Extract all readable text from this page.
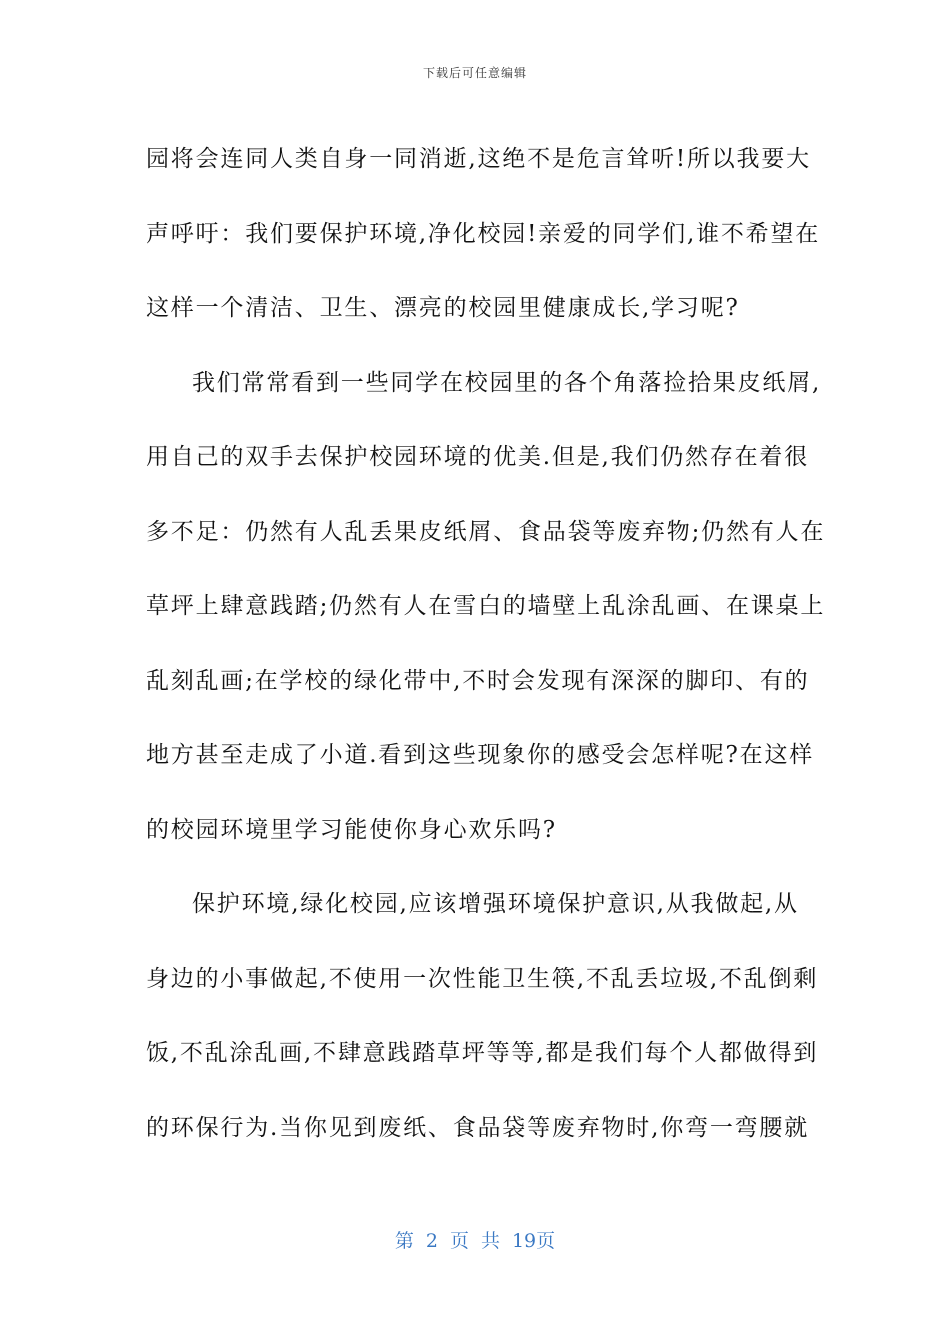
下载后可任意编辑
园将会连同人类自身一同消逝,这绝不是危言耸听!所以我要大
声呼吁：我们要保护环境,净化校园!亲爱的同学们,谁不希望在
这样一个清洁、卫生、漂亮的校园里健康成长,学习呢?
我们常常看到一些同学在校园里的各个角落捡拾果皮纸屑,
用自己的双手去保护校园环境的优美.但是,我们仍然存在着很
多不足：仍然有人乱丢果皮纸屑、食品袋等废弃物;仍然有人在
草坪上肆意践踏;仍然有人在雪白的墙壁上乱涂乱画、在课桌上
乱刻乱画;在学校的绿化带中,不时会发现有深深的脚印、有的
地方甚至走成了小道.看到这些现象你的感受会怎样呢?在这样
的校园环境里学习能使你身心欢乐吗?
保护环境,绿化校园,应该增强环境保护意识,从我做起,从
身边的小事做起,不使用一次性能卫生筷,不乱丢垃圾,不乱倒剩
饭,不乱涂乱画,不肆意践踏草坪等等,都是我们每个人都做得到
的环保行为.当你见到废纸、食品袋等废弃物时,你弯一弯腰就
第 2 页 共 19页
